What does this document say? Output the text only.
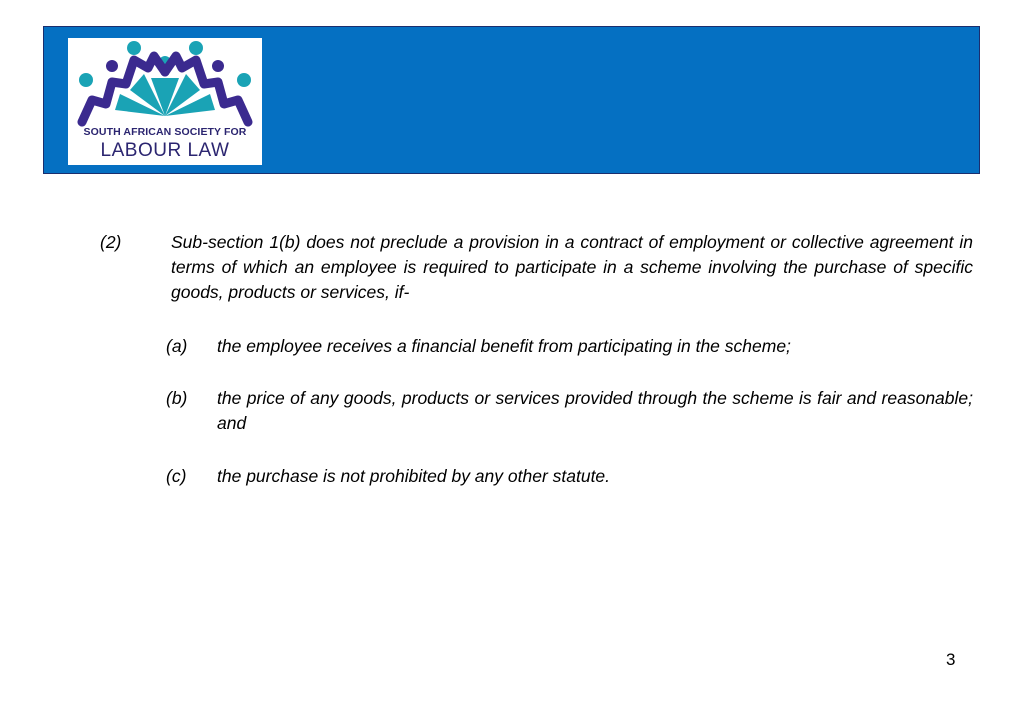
SOUTH AFRICAN SOCIETY FOR
LABOUR LAW
(2)	Sub-section 1(b) does not preclude a provision in a contract of employment or collective agreement in terms of which an employee is required to participate in a scheme involving the purchase of specific goods, products or services, if-
(a) the employee receives a financial benefit from participating in the scheme;
(b) the price of any goods, products or services provided through the scheme is fair and reasonable; and
(c) the purchase is not prohibited by any other statute.
3
